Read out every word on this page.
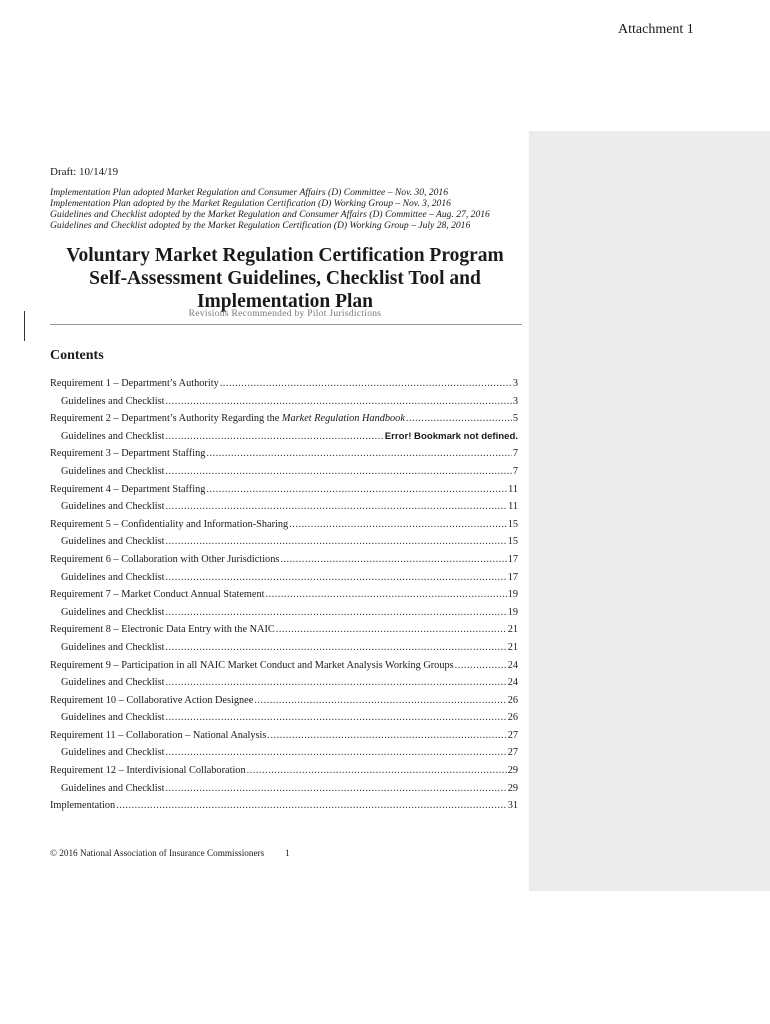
Attachment 1
Draft: 10/14/19
Implementation Plan adopted Market Regulation and Consumer Affairs (D) Committee – Nov. 30, 2016
Implementation Plan adopted by the Market Regulation Certification (D) Working Group – Nov. 3, 2016
Guidelines and Checklist adopted by the Market Regulation and Consumer Affairs (D) Committee – Aug. 27, 2016
Guidelines and Checklist adopted by the Market Regulation Certification (D) Working Group – July 28, 2016
Voluntary Market Regulation Certification Program
Self-Assessment Guidelines, Checklist Tool and
Implementation Plan
Revisions Recommended by Pilot Jurisdictions
Contents
Requirement 1 – Department’s Authority .....	3
Guidelines and Checklist .....	3
Requirement 2 – Department’s Authority Regarding the Market Regulation Handbook .....	5
Guidelines and Checklist .....	Error! Bookmark not defined.
Requirement 3 – Department Staffing .....	7
Guidelines and Checklist .....	7
Requirement 4 – Department Staffing .....	11
Guidelines and Checklist .....	11
Requirement 5 – Confidentiality and Information-Sharing .....	15
Guidelines and Checklist .....	15
Requirement 6 – Collaboration with Other Jurisdictions .....	17
Guidelines and Checklist .....	17
Requirement 7 – Market Conduct Annual Statement .....	19
Guidelines and Checklist .....	19
Requirement 8 – Electronic Data Entry with the NAIC .....	21
Guidelines and Checklist .....	21
Requirement 9 – Participation in all NAIC Market Conduct and Market Analysis Working Groups .....	24
Guidelines and Checklist .....	24
Requirement 10 – Collaborative Action Designee .....	26
Guidelines and Checklist .....	26
Requirement 11 – Collaboration – National Analysis .....	27
Guidelines and Checklist .....	27
Requirement 12 – Interdivisional Collaboration .....	29
Guidelines and Checklist .....	29
Implementation .....	31
© 2016 National Association of Insurance Commissioners 1
